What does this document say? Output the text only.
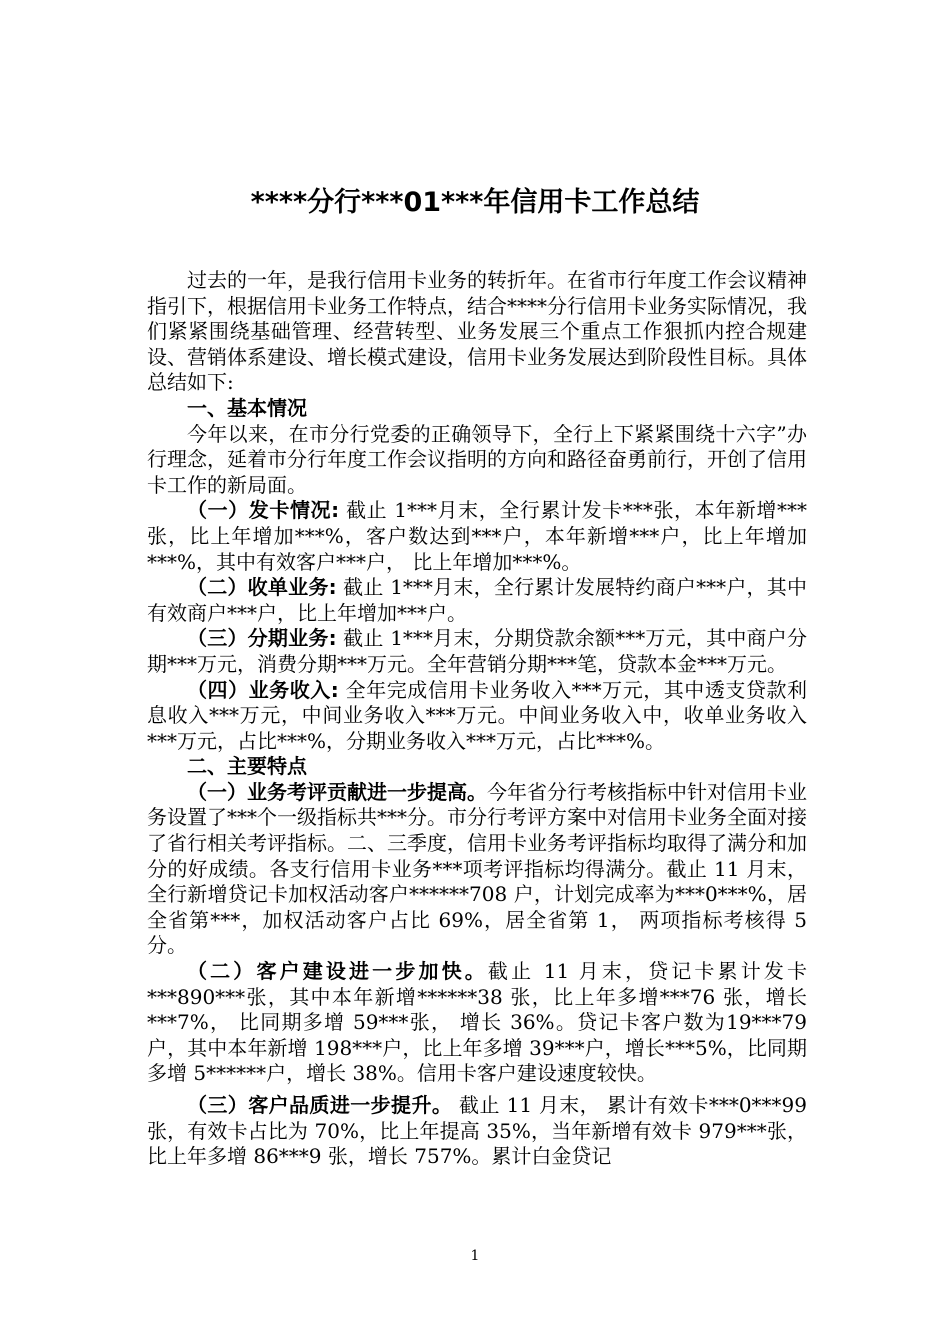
****分行***01***年信用卡工作总结

过去的一年，是我行信用卡业务的转折年。在省市行年度工作会议精神指引下，根据信用卡业务工作特点，结合****分行信用卡业务实际情况，我们紧紧围绕基础管理、经营转型、业务发展三个重点工作狠抓内控合规建设、营销体系建设、增长模式建设，信用卡业务发展达到阶段性目标。具体总结如下:

一、基本情况

今年以来，在市分行党委的正确领导下，全行上下紧紧围绕十六字”办行理念，延着市分行年度工作会议指明的方向和路径奋勇前行，开创了信用卡工作的新局面。

（一）发卡情况: 截止 1***月末，全行累计发卡***张，本年新增***张，比上年增加***%，客户数达到***户，本年新增***户，比上年增加***%，其中有效客户***户， 比上年增加***%。

（二）收单业务: 截止 1***月末，全行累计发展特约商户***户，其中有效商户***户，比上年增加***户。

（三）分期业务: 截止 1***月末，分期贷款余额***万元，其中商户分期***万元，消费分期***万元。全年营销分期***笔，贷款本金***万元。

（四）业务收入: 全年完成信用卡业务收入***万元，其中透支贷款利息收入***万元，中间业务收入***万元。中间业务收入中，收单业务收入***万元，占比***%，分期业务收入***万元，占比***%。

二、主要特点

（一）业务考评贡献进一步提高。今年省分行考核指标中针对信用卡业务设置了***个一级指标共***分。市分行考评方案中对信用卡业务全面对接了省行相关考评指标。二、三季度，信用卡业务考评指标均取得了满分和加分的好成绩。各支行信用卡业务***项考评指标均得满分。截止 11 月末，全行新增贷记卡加权活动客户******708 户，计划完成率为***0***%，居全省第***，加权活动客户占比 69%，居全省第 1， 两项指标考核得 5 分。

（二）客户建设进一步加快。截止 11 月末，贷记卡累计发卡***890***张，其中本年新增******38 张，比上年多增***76 张，增长***7%， 比同期多增 59***张， 增长 36%。贷记卡客户数为19***79 户，其中本年新增 198***户，比上年多增 39***户，增长***5%，比同期多增 5******户，增长 38%。信用卡客户建设速度较快。

（三）客户品质进一步提升。 截止 11 月末， 累计有效卡***0***99 张，有效卡占比为 70%，比上年提高 35%，当年新增有效卡 979***张，比上年多增 86***9 张，增长 757%。累计白金贷记

1
